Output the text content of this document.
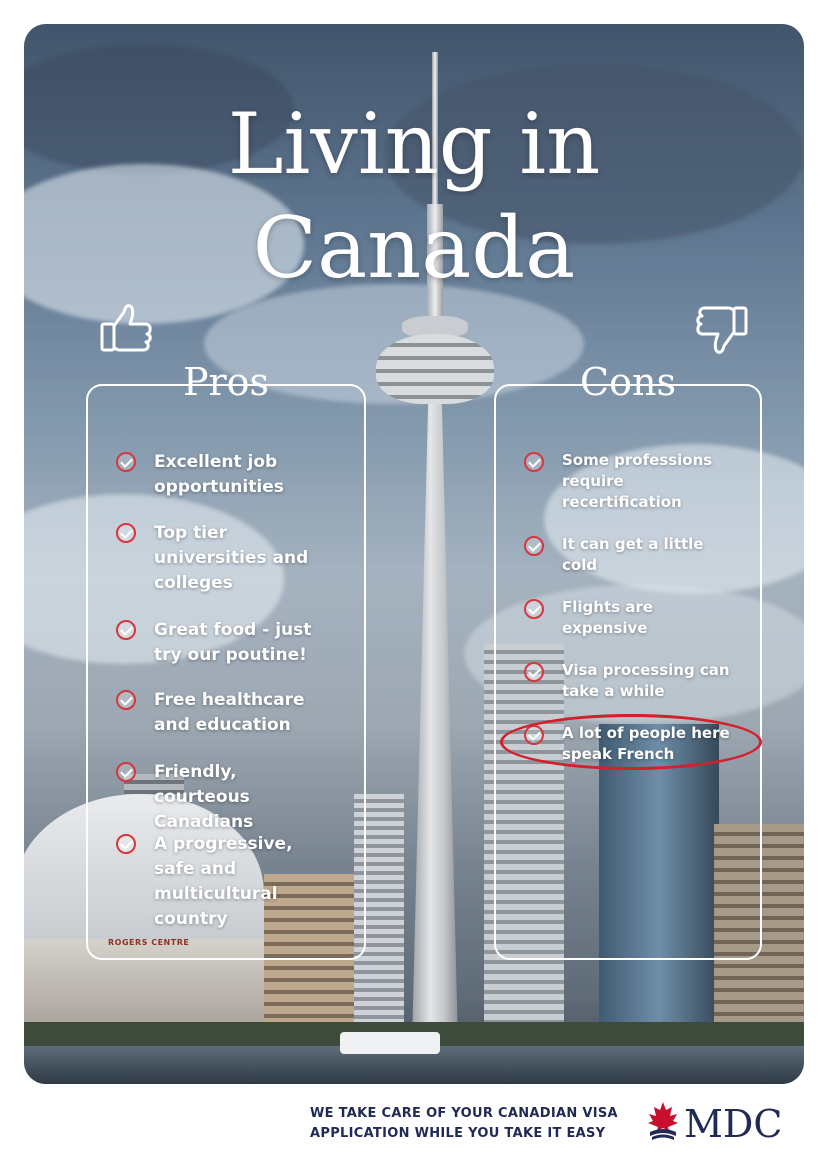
ROGERS CENTRE
Living in
Canada
Pros
Excellent job opportunities
Top tier universities and colleges
Great food - just try our poutine!
Free healthcare and education
Friendly, courteous Canadians
A progressive, safe and multicultural country
Cons
Some professions require recertification
It can get a little cold
Flights are expensive
Visa processing can take a while
A lot of people here speak French
WE TAKE CARE OF YOUR CANADIAN VISA
APPLICATION WHILE YOU TAKE IT EASY	MDC
